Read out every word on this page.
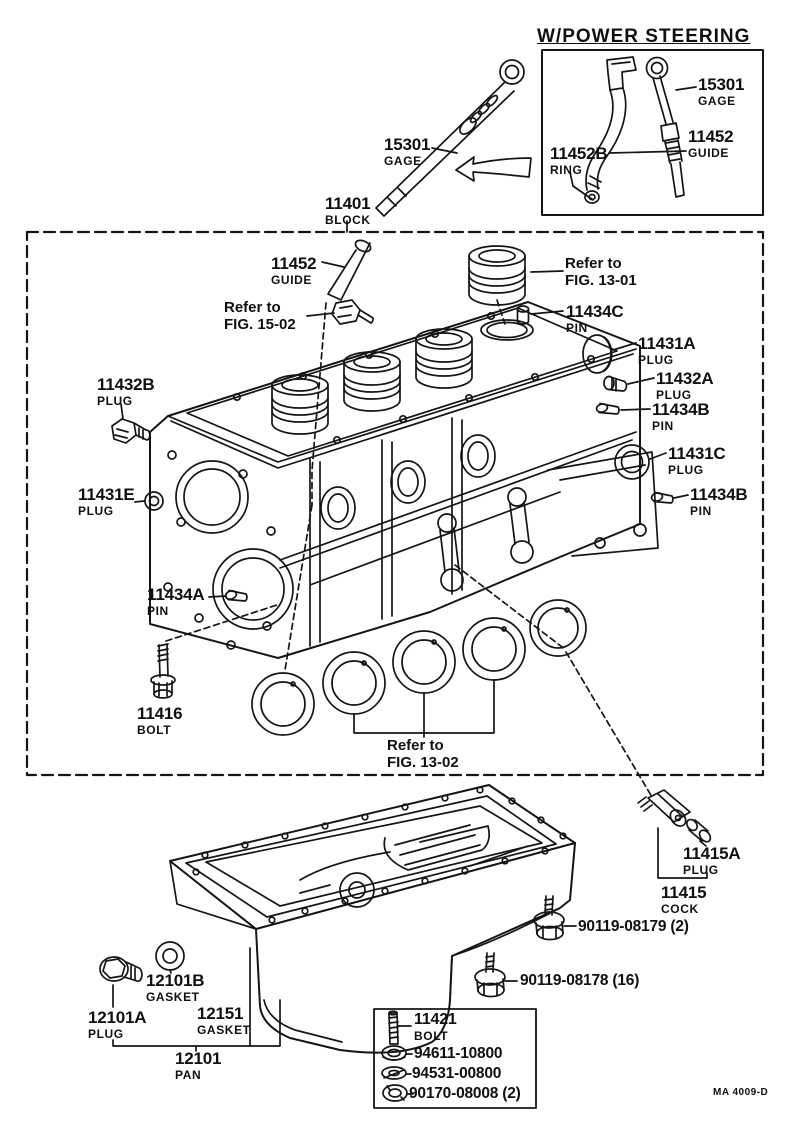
W/POWER STEERING
15301
GAGE
11452
GUIDE
11452B
RING
15301
GAGE
11401
BLOCK
11452
GUIDE
Refer to
FIG. 15-02
Refer to
FIG. 13-01
11434C
PIN
11431A
PLUG
11432A
PLUG
11434B
PIN
11431C
PLUG
11434B
PIN
11432B
PLUG
11431E
PLUG
11434A
PIN
11416
BOLT
Refer to
FIG. 13-02
11415A
PLUG
11415
COCK
90119-08179 (2)
90119-08178 (16)
12101B
GASKET
12101A
PLUG
12151
GASKET
12101
PAN
11421
BOLT
94611-10800
94531-00800
90170-08008 (2)	MA 4009-D
